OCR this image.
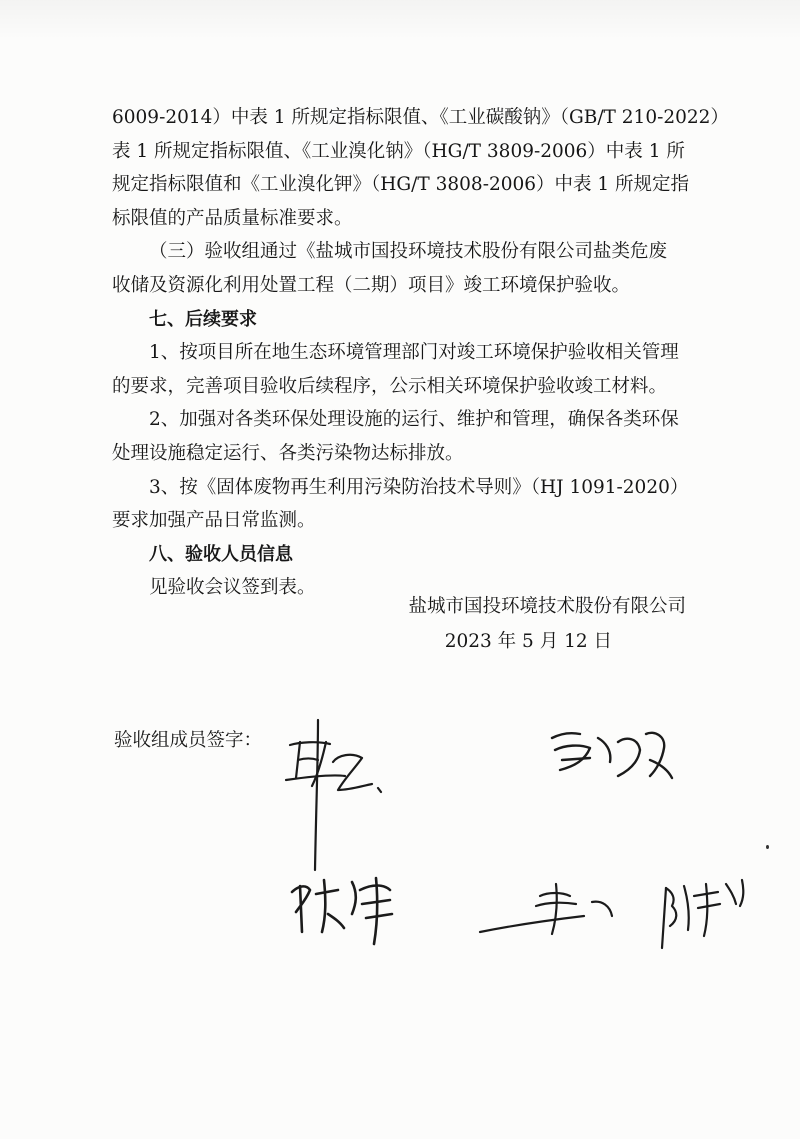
6009-2014）中表 1 所规定指标限值、《工业碳酸钠》（GB/T 210-2022）
表 1 所规定指标限值、《工业溴化钠》（HG/T 3809-2006）中表 1 所
规定指标限值和《工业溴化钾》（HG/T 3808-2006）中表 1 所规定指
标限值的产品质量标准要求。
（三）验收组通过《盐城市国投环境技术股份有限公司盐类危废
收储及资源化利用处置工程（二期）项目》竣工环境保护验收。
七、后续要求
1、按项目所在地生态环境管理部门对竣工环境保护验收相关管理
的要求，完善项目验收后续程序，公示相关环境保护验收竣工材料。
2、加强对各类环保处理设施的运行、维护和管理，确保各类环保
处理设施稳定运行、各类污染物达标排放。
3、按《固体废物再生利用污染防治技术导则》（HJ 1091-2020）
要求加强产品日常监测。
八、验收人员信息
见验收会议签到表。
盐城市国投环境技术股份有限公司
2023 年 5 月 12 日
验收组成员签字：
